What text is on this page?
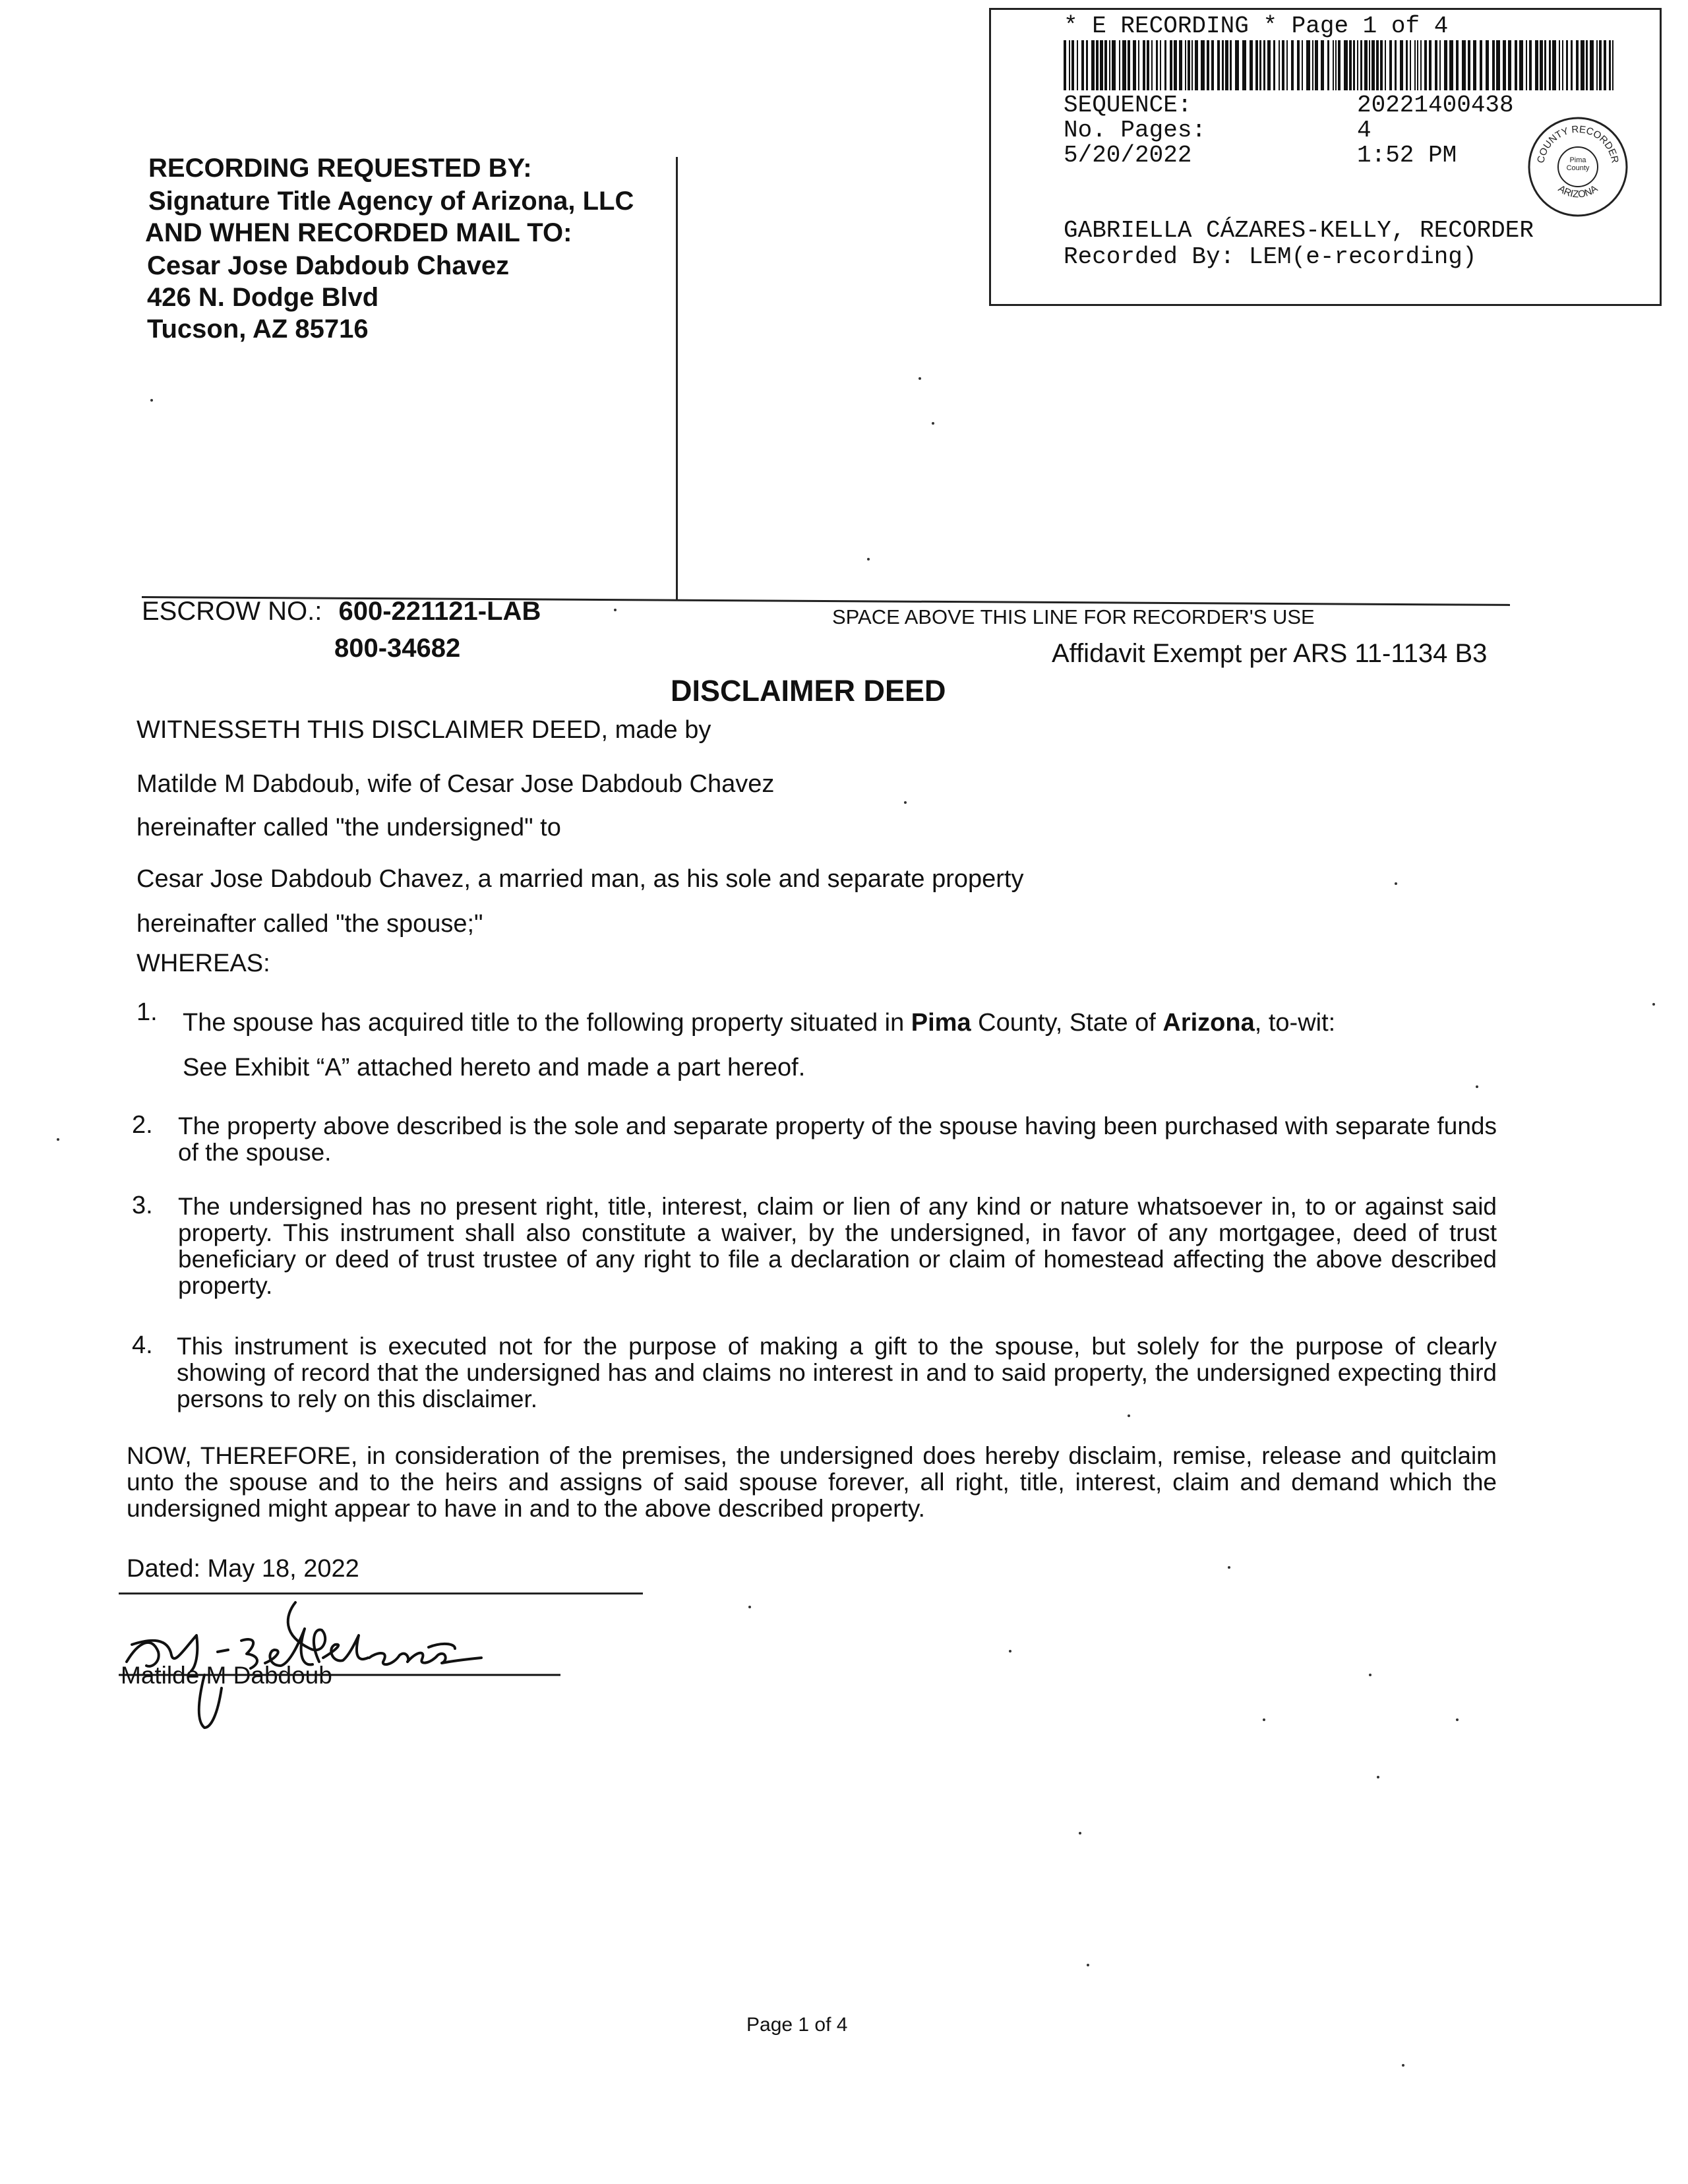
* E RECORDING * Page 1 of 4
SEQUENCE:	20221400438
No. Pages:	4
5/20/2022	1:52 PM	COUNTY RECORDER
ARIZONA
Pima County
GABRIELLA CÁZARES-KELLY, RECORDER
Recorded By: LEM(e-recording)
RECORDING REQUESTED BY:
Signature Title Agency of Arizona, LLC
AND WHEN RECORDED MAIL TO:
Cesar Jose Dabdoub Chavez
426 N. Dodge Blvd
Tucson, AZ 85716
ESCROW NO.: 600-221121-LAB
800-34682
SPACE ABOVE THIS LINE FOR RECORDER'S USE
Affidavit Exempt per ARS 11-1134 B3
DISCLAIMER DEED
WITNESSETH THIS DISCLAIMER DEED, made by
Matilde M Dabdoub, wife of Cesar Jose Dabdoub Chavez
hereinafter called "the undersigned" to
Cesar Jose Dabdoub Chavez, a married man, as his sole and separate property
hereinafter called "the spouse;"
WHEREAS:
1. The spouse has acquired title to the following property situated in Pima County, State of Arizona, to-wit:
See Exhibit “A” attached hereto and made a part hereof.
2. The property above described is the sole and separate property of the spouse having been purchased with separate funds of the spouse.
3. The undersigned has no present right, title, interest, claim or lien of any kind or nature whatsoever in, to or against said property. This instrument shall also constitute a waiver, by the undersigned, in favor of any mortgagee, deed of trust beneficiary or deed of trust trustee of any right to file a declaration or claim of homestead affecting the above described property.
4. This instrument is executed not for the purpose of making a gift to the spouse, but solely for the purpose of clearly showing of record that the undersigned has and claims no interest in and to said property, the undersigned expecting third persons to rely on this disclaimer.
NOW, THEREFORE, in consideration of the premises, the undersigned does hereby disclaim, remise, release and quitclaim unto the spouse and to the heirs and assigns of said spouse forever, all right, title, interest, claim and demand which the undersigned might appear to have in and to the above described property.
Dated: May 18, 2022
Matilde M Dabdoub
Page 1 of 4
